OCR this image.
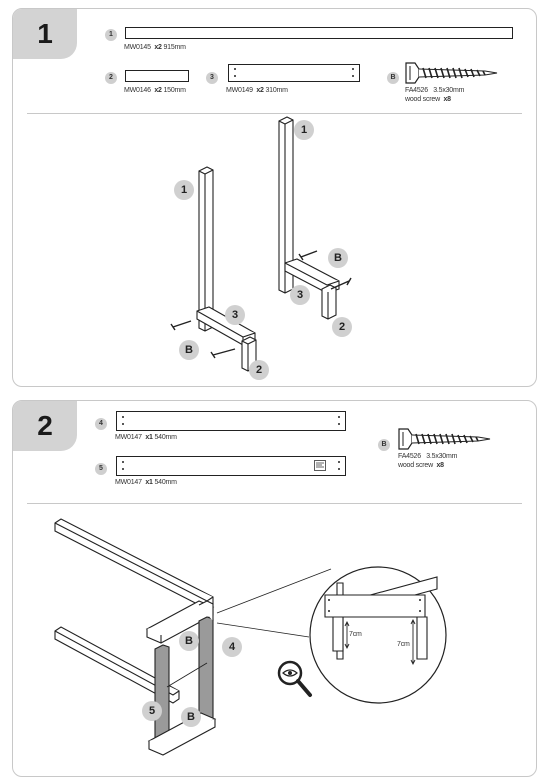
1	1
MW0145 x2 915mm
2
MW0146 x2 150mm
3
MW0149 x2 310mm
B
FA4526 3.5x30mm
wood screw x8
1
1
B
3
3
2
B
2
2	4
MW0147 x1 540mm
5
MW0147 x1 540mm
B
FA4526 3.5x30mm
wood screw x8
7cm
7cm
B	4
5	B
